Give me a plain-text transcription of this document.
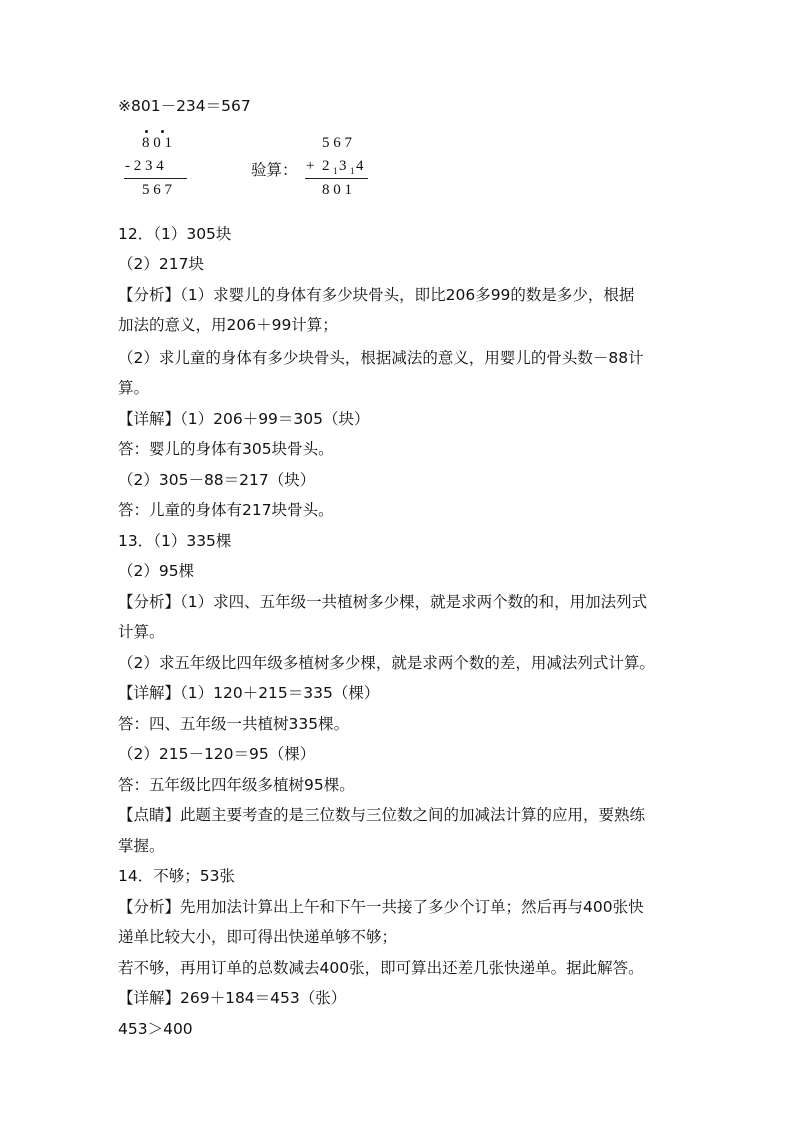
※801－234＝567
8 0 1
- 2 3 4
5 6 7
验算：
5 6 7
+ 2 1 3 1 4
8 0 1
12．（1）305块
（2）217块
【分析】（1）求婴儿的身体有多少块骨头，即比206多99的数是多少，根据
加法的意义，用206＋99计算；
（2）求儿童的身体有多少块骨头，根据减法的意义，用婴儿的骨头数－88计
算。
【详解】（1）206＋99＝305（块）
答：婴儿的身体有305块骨头。
（2）305－88＝217（块）
答：儿童的身体有217块骨头。
13．（1）335棵
（2）95棵
【分析】（1）求四、五年级一共植树多少棵，就是求两个数的和，用加法列式
计算。
（2）求五年级比四年级多植树多少棵，就是求两个数的差，用减法列式计算。
【详解】（1）120＋215＝335（棵）
答：四、五年级一共植树335棵。
（2）215－120＝95（棵）
答：五年级比四年级多植树95棵。
【点睛】此题主要考查的是三位数与三位数之间的加减法计算的应用，要熟练
掌握。
14．不够；53张
【分析】先用加法计算出上午和下午一共接了多少个订单；然后再与400张快
递单比较大小，即可得出快递单够不够；
若不够，再用订单的总数减去400张，即可算出还差几张快递单。据此解答。
【详解】269＋184＝453（张）
453＞400
